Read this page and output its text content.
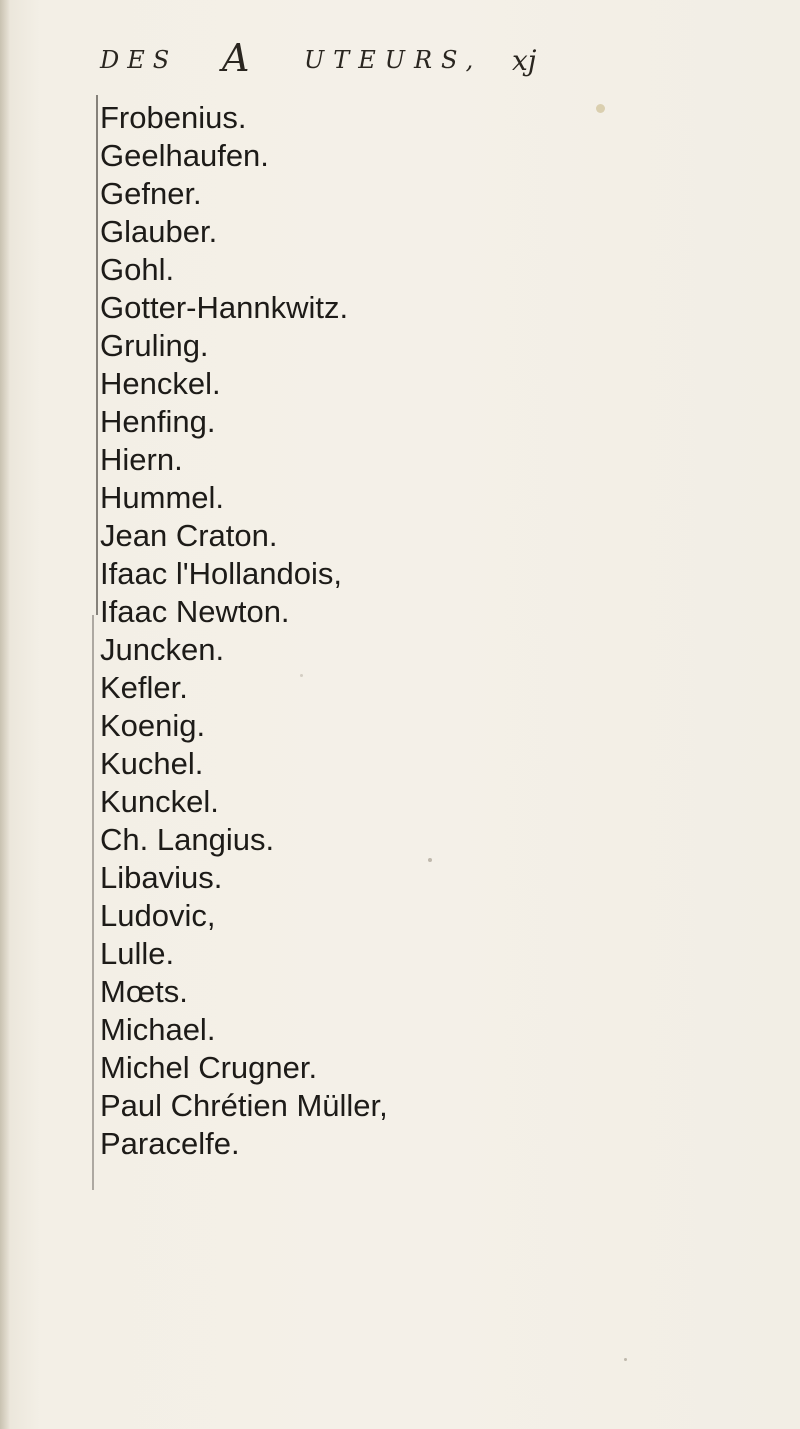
DES A UTEURS, xj
Frobenius.
Geelhaufen.
Gefner.
Glauber.
Gohl.
Gotter-Hannkwitz.
Gruling.
Henckel.
Henfing.
Hiern.
Hummel.
Jean Craton.
Ifaac l'Hollandois,
Ifaac Newton.
Juncken.
Kefler.
Koenig.
Kuchel.
Kunckel.
Ch. Langius.
Libavius.
Ludovic,
Lulle.
Mœts.
Michael.
Michel Crugner.
Paul Chrétien Müller,
Paracelfe.
